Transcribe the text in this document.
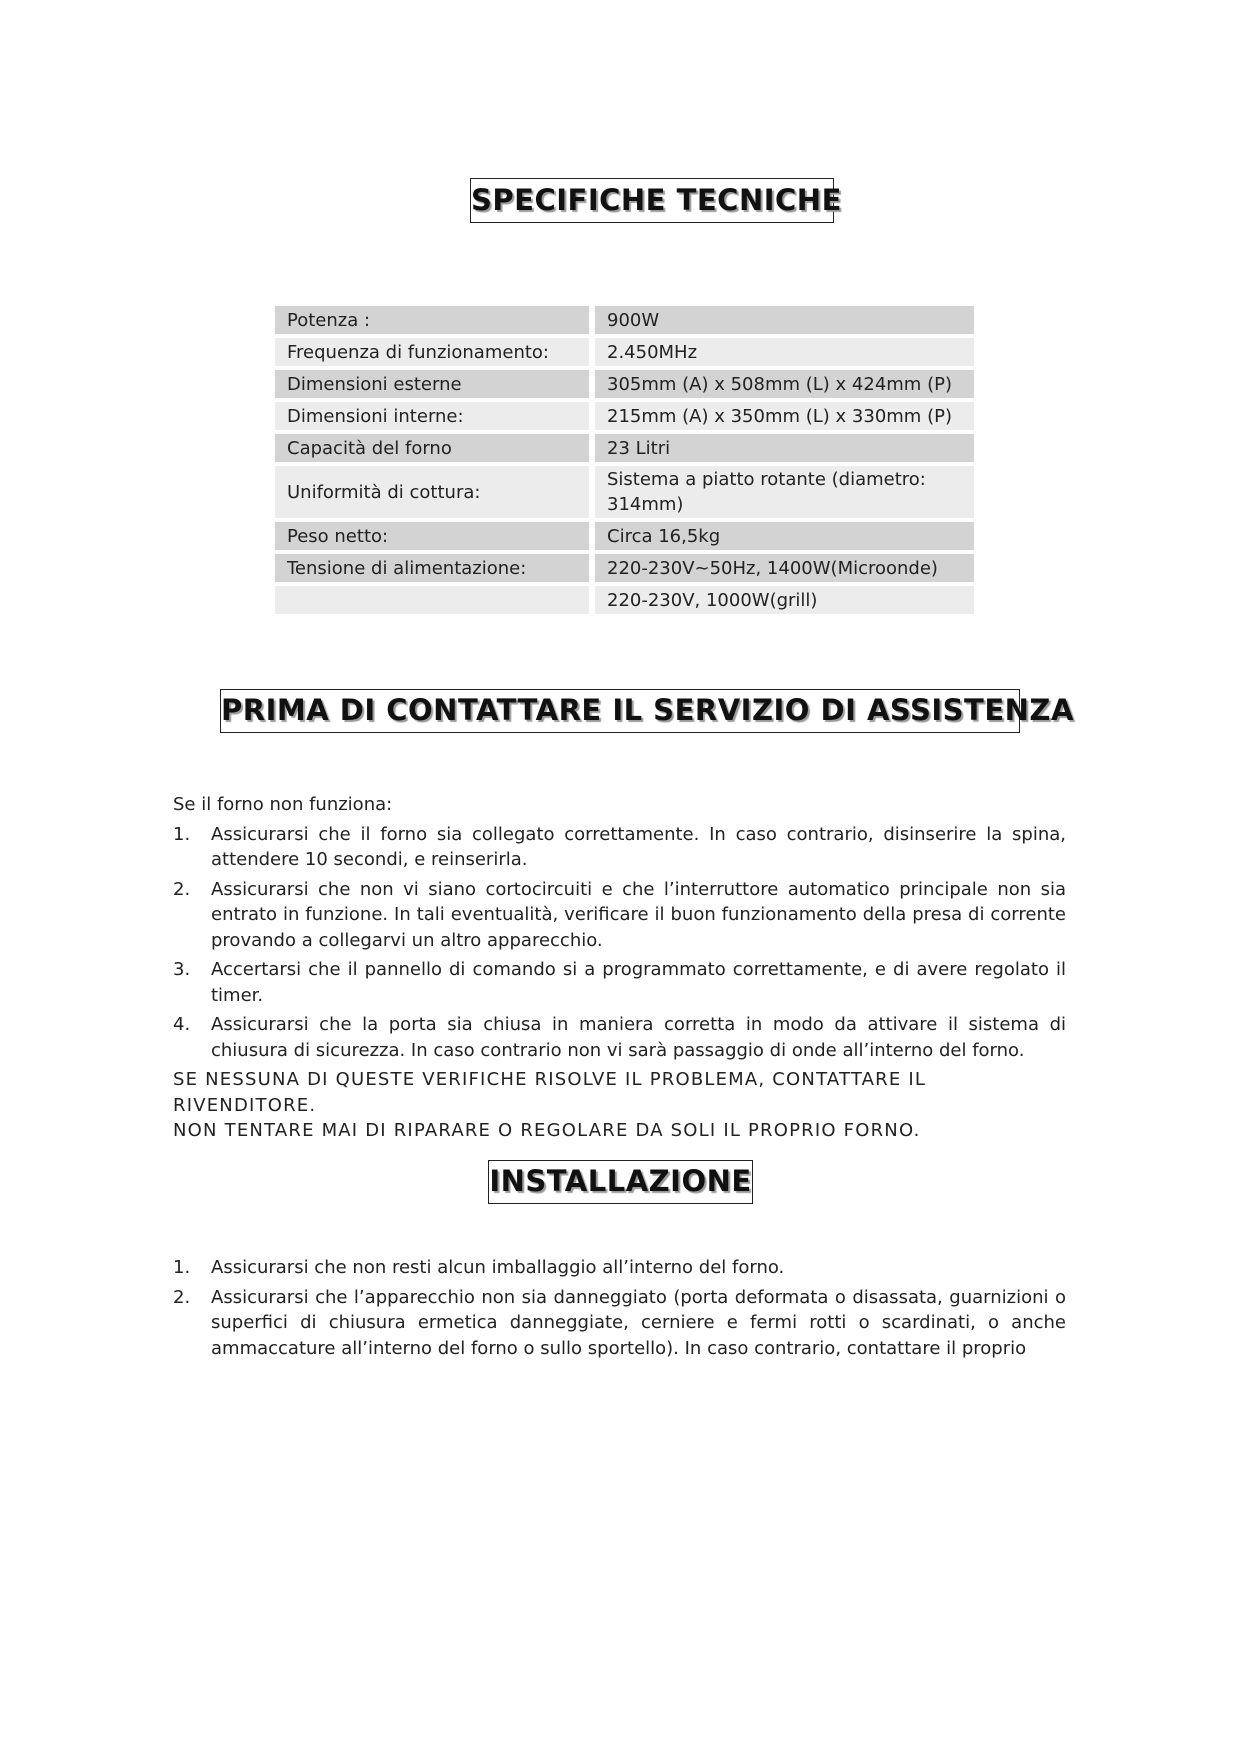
SPECIFICHE TECNICHE
Potenza :	900W
Frequenza di funzionamento:	2.450MHz
Dimensioni esterne	305mm (A) x 508mm (L) x 424mm (P)
Dimensioni interne:	215mm (A) x 350mm (L) x 330mm (P)
Capacità del forno	23 Litri
Uniformità di cottura:	Sistema a piatto rotante (diametro: 314mm)
Peso netto:	Circa 16,5kg
Tensione di alimentazione:	220-230V~50Hz, 1400W(Microonde)
	220-230V, 1000W(grill)
PRIMA DI CONTATTARE IL SERVIZIO DI ASSISTENZA
Se il forno non funziona:
1.	Assicurarsi che il forno sia collegato correttamente. In caso contrario, disinserire la spina, attendere 10 secondi, e reinserirla.
2.	Assicurarsi che non vi siano cortocircuiti e che l’interruttore automatico principale non sia entrato in funzione. In tali eventualità, verificare il buon funzionamento della presa di corrente provando a collegarvi un altro apparecchio.
3.	Accertarsi che il pannello di comando si a programmato correttamente, e di avere regolato il timer.
4.	Assicurarsi che la porta sia chiusa in maniera corretta in modo da attivare il sistema di chiusura di sicurezza. In caso contrario non vi sarà passaggio di onde all’interno del forno.
SE NESSUNA DI QUESTE VERIFICHE RISOLVE IL PROBLEMA, CONTATTARE IL RIVENDITORE.
NON TENTARE MAI DI RIPARARE O REGOLARE DA SOLI IL PROPRIO FORNO.
INSTALLAZIONE
1.	Assicurarsi che non resti alcun imballaggio all’interno del forno.
2.	Assicurarsi che l’apparecchio non sia danneggiato (porta deformata o disassata, guarnizioni o superfici di chiusura ermetica danneggiate, cerniere e fermi rotti o scardinati, o anche ammaccature all’interno del forno o sullo sportello). In caso contrario, contattare il proprio
